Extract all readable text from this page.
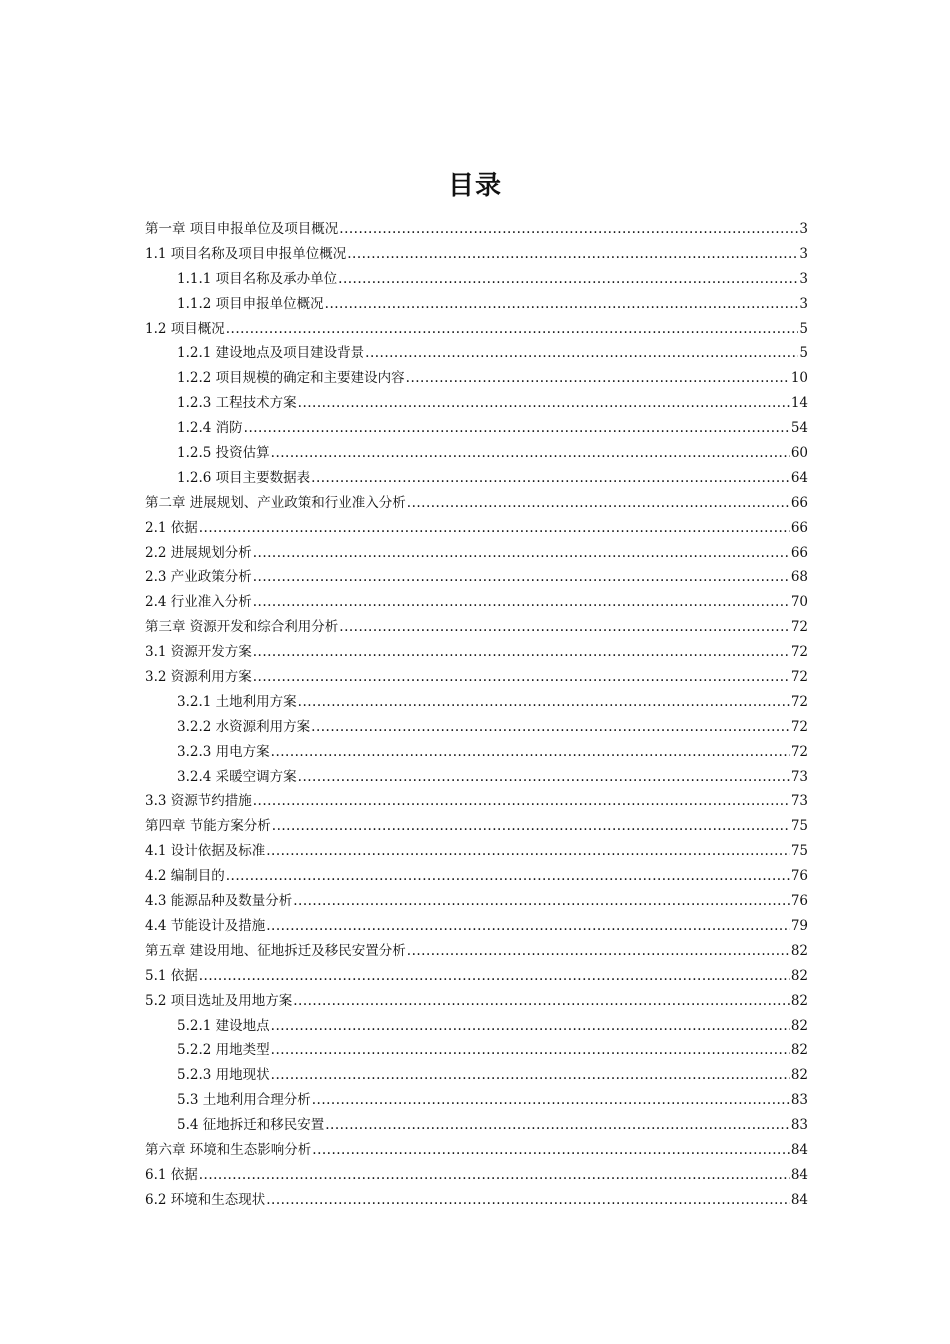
目录
第一章 项目申报单位及项目概况 .....	3
1.1 项目名称及项目申报单位概况 .....	3
1.1.1 项目名称及承办单位 .....	3
1.1.2 项目申报单位概况 .....	3
1.2 项目概况 .....	5
1.2.1 建设地点及项目建设背景 .....	5
1.2.2 项目规模的确定和主要建设内容 .....	10
1.2.3 工程技术方案 .....	14
1.2.4 消防 .....	54
1.2.5 投资估算 .....	60
1.2.6 项目主要数据表 .....	64
第二章 进展规划、产业政策和行业准入分析 .....	66
2.1 依据 .....	66
2.2 进展规划分析 .....	66
2.3 产业政策分析 .....	68
2.4 行业准入分析 .....	70
第三章 资源开发和综合利用分析 .....	72
3.1 资源开发方案 .....	72
3.2 资源利用方案 .....	72
3.2.1 土地利用方案 .....	72
3.2.2 水资源利用方案 .....	72
3.2.3 用电方案 .....	72
3.2.4 采暖空调方案 .....	73
3.3 资源节约措施 .....	73
第四章 节能方案分析 .....	75
4.1 设计依据及标准 .....	75
4.2 编制目的 .....	76
4.3 能源品种及数量分析 .....	76
4.4 节能设计及措施 .....	79
第五章 建设用地、征地拆迁及移民安置分析 .....	82
5.1 依据 .....	82
5.2 项目选址及用地方案 .....	82
5.2.1 建设地点 .....	82
5.2.2 用地类型 .....	82
5.2.3 用地现状 .....	82
5.3 土地利用合理分析 .....	83
5.4 征地拆迁和移民安置 .....	83
第六章 环境和生态影响分析 .....	84
6.1 依据 .....	84
6.2 环境和生态现状 .....	84
